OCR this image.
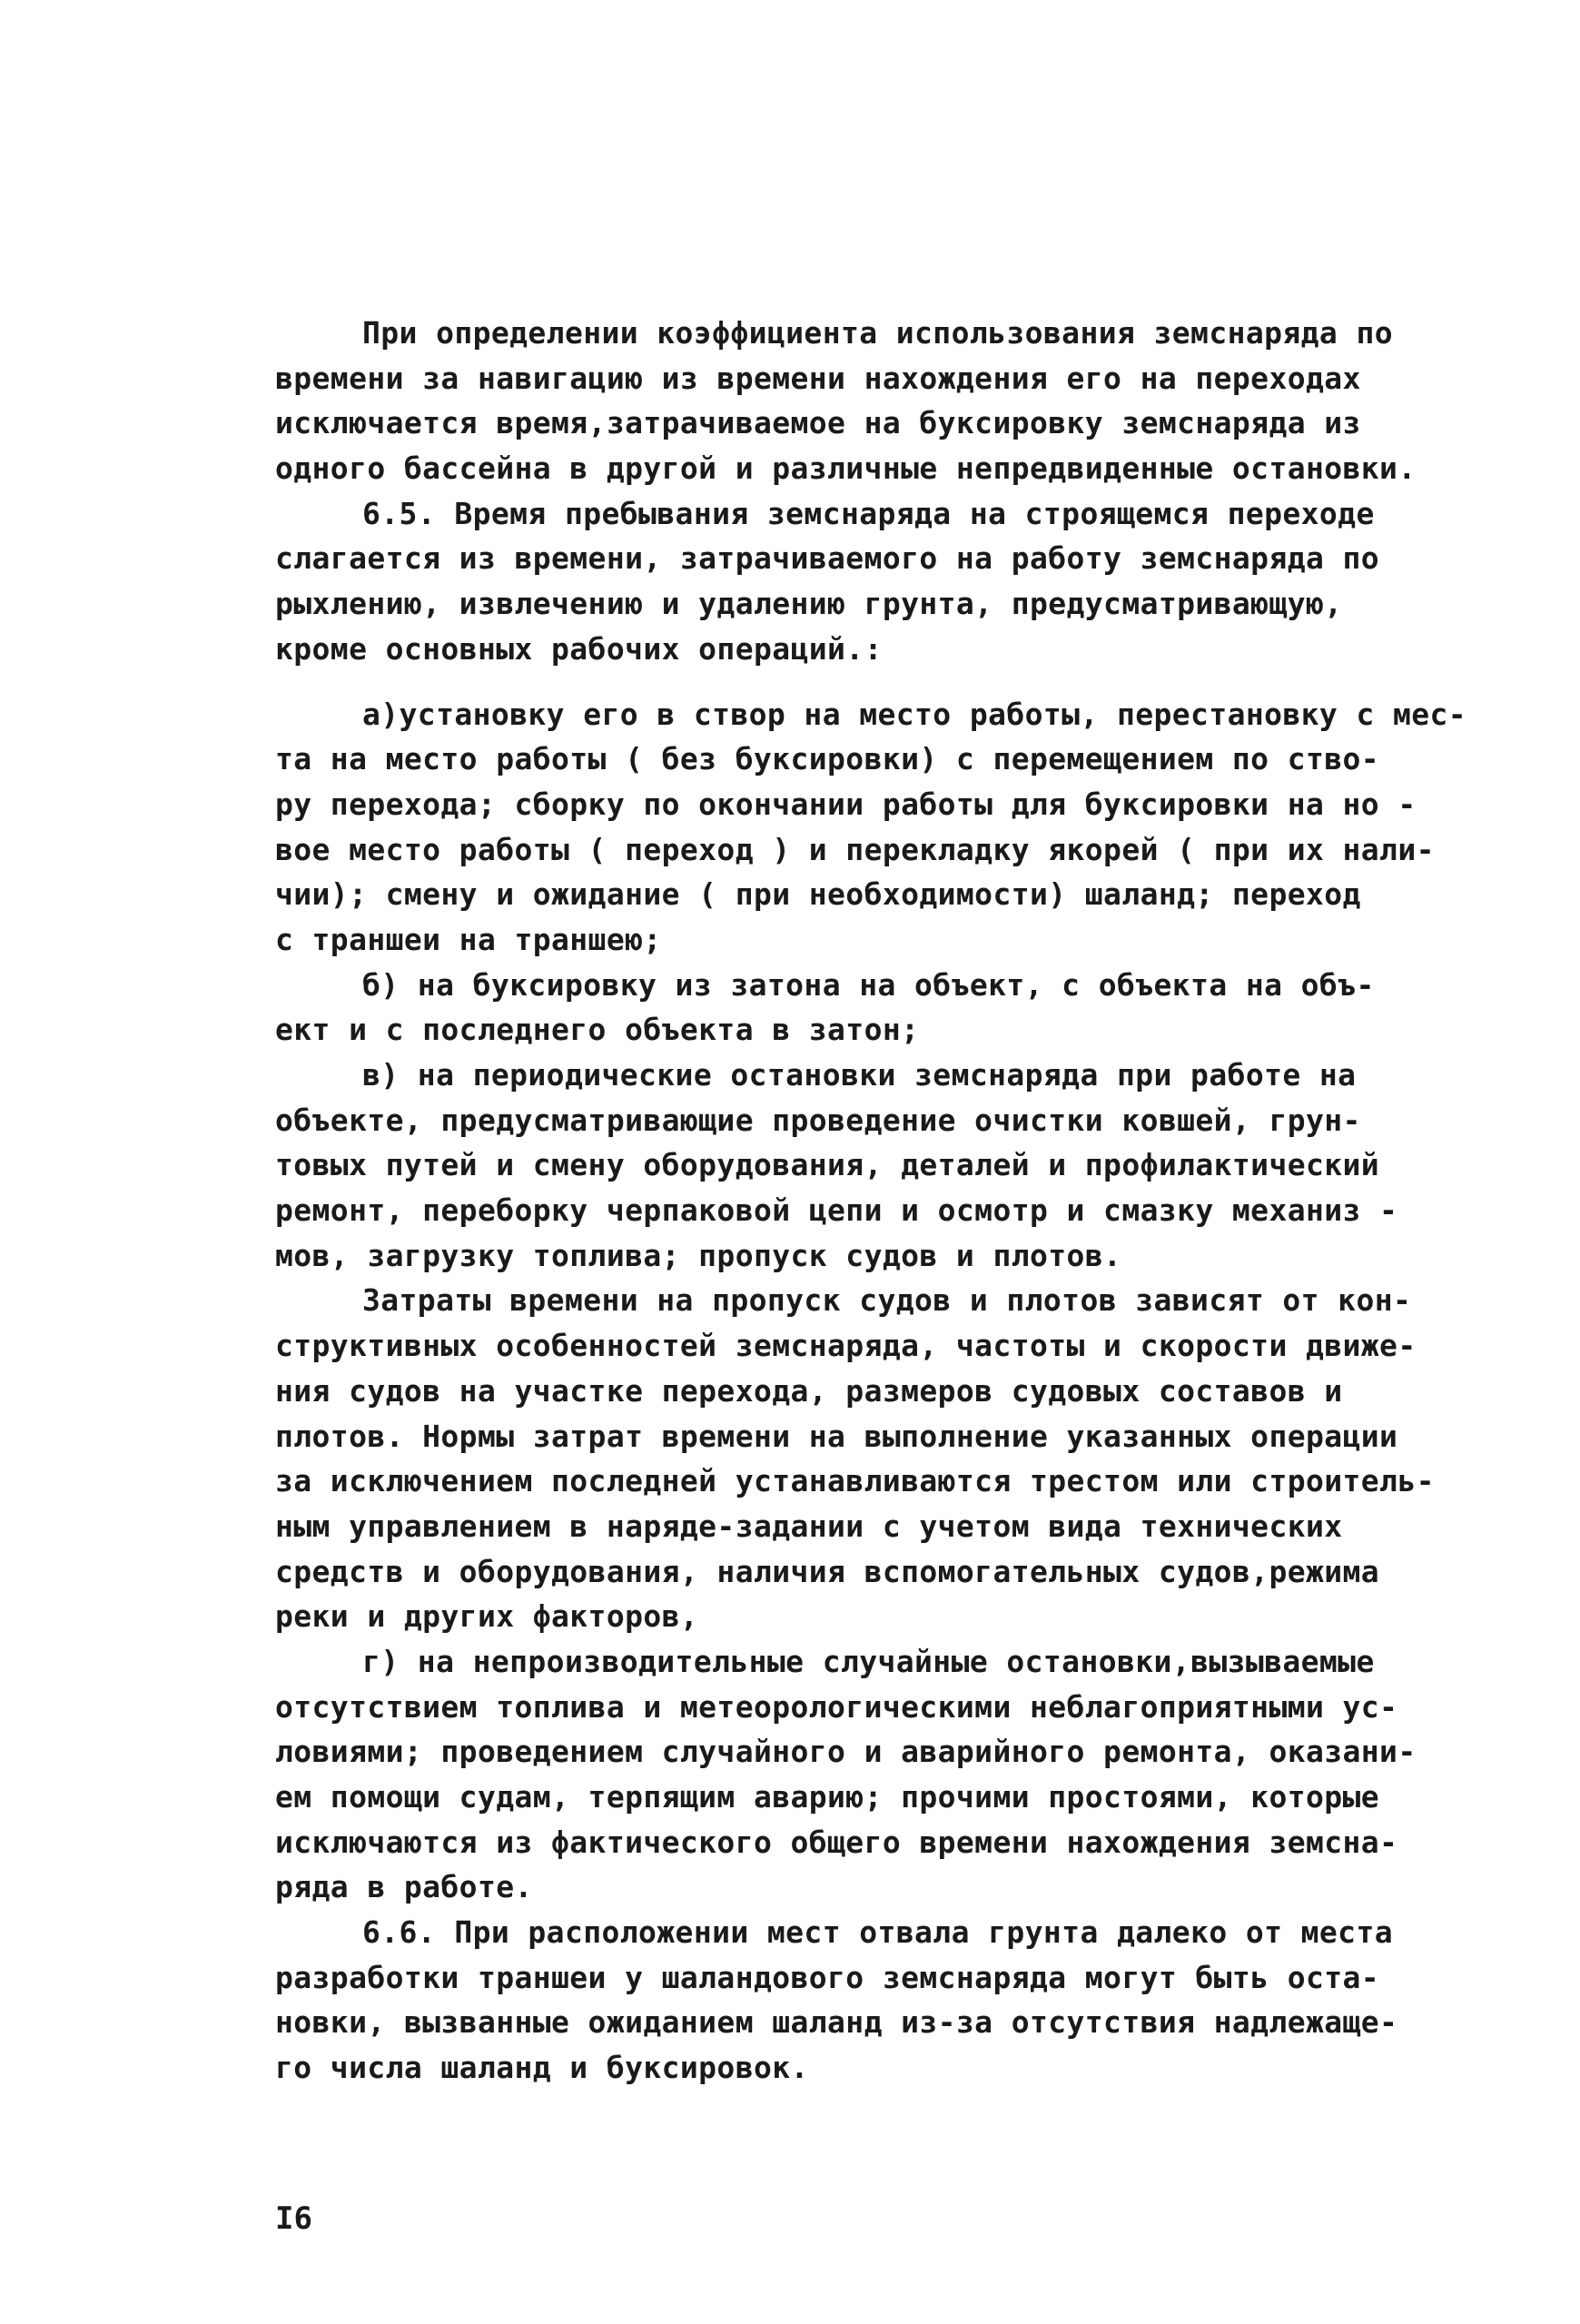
При определении коэффициента использования земснаряда по
времени за навигацию из времени нахождения его на переходах
исключается время,затрачиваемое на буксировку земснаряда из
одного бассейна в другой и различные непредвиденные остановки.
6.5. Время пребывания земснаряда на строящемся переходе
слагается из времени, затрачиваемого на работу земснаряда по
рыхлению, извлечению и удалению грунта, предусматривающую,
кроме основных рабочих операций.:
а)установку его в створ на место работы, перестановку с мес-
та на место работы ( без буксировки) с перемещением по ство-
ру перехода; сборку по окончании работы для буксировки на но -
вое место работы ( переход ) и перекладку якорей ( при их нали-
чии); смену и ожидание ( при необходимости) шаланд; переход
с траншеи на траншею;
б) на буксировку из затона на объект, с объекта на объ-
ект и с последнего объекта в затон;
в) на периодические остановки земснаряда при работе на
объекте, предусматривающие проведение очистки ковшей, грун-
товых путей и смену оборудования, деталей и профилактический
ремонт, переборку черпаковой цепи и осмотр и смазку механиз -
мов, загрузку топлива; пропуск судов и плотов.
Затраты времени на пропуск судов и плотов зависят от кон-
структивных особенностей земснаряда, частоты и скорости движе-
ния судов на участке перехода, размеров судовых составов и
плотов. Нормы затрат времени на выполнение указанных операции
за исключением последней устанавливаются трестом или строитель-
ным управлением в наряде-задании с учетом вида технических
средств и оборудования, наличия вспомогательных судов,режима
реки и других факторов,
г) на непроизводительные случайные остановки,вызываемые
отсутствием топлива и метеорологическими неблагоприятными ус-
ловиями; проведением случайного и аварийного ремонта, оказани-
ем помощи судам, терпящим аварию; прочими простоями, которые
исключаются из фактического общего времени нахождения земсна-
ряда в работе.
6.6. При расположении мест отвала грунта далеко от места
разработки траншеи у шаландового земснаряда могут быть оста-
новки, вызванные ожиданием шаланд из-за отсутствия надлежаще-
го числа шаланд и буксировок.
I6
